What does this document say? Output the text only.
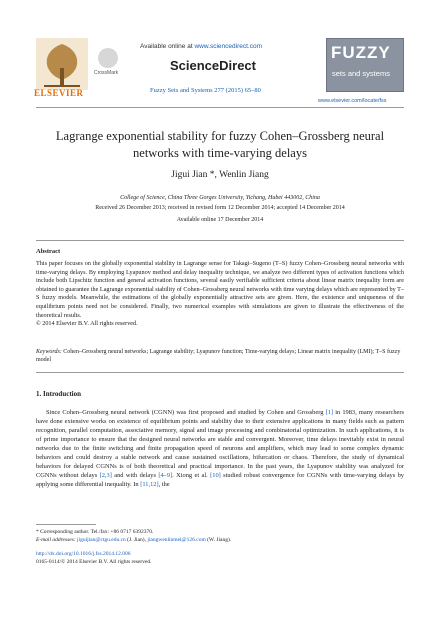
ELSEVIER
CrossMark
Available online at www.sciencedirect.com
ScienceDirect
Fuzzy Sets and Systems 277 (2015) 65–80
FUZZY
sets and systems
www.elsevier.com/locate/fss
Lagrange exponential stability for fuzzy Cohen–Grossberg neural networks with time-varying delays
Jigui Jian *, Wenlin Jiang
College of Science, China Three Gorges University, Yichang, Hubei 443002, China
Received 26 December 2013; received in revised form 12 December 2014; accepted 14 December 2014
Available online 17 December 2014
Abstract

This paper focuses on the globally exponential stability in Lagrange sense for Takagi–Sugeno (T–S) fuzzy Cohen–Grossberg neural networks with time-varying delays. By employing Lyapunov method and delay inequality technique, we analyze two different types of activation functions which include both Lipschitz function and general activation functions, several easily verifiable sufficient criteria about linear matrix inequality form are obtained to guarantee the Lagrange exponential stability of Cohen–Grossberg neural networks with time varying delays which are represented by T–S fuzzy models. Meanwhile, the estimations of the globally exponentially attractive sets are given. Here, the existence and uniqueness of the equilibrium points need not be considered. Finally, two numerical examples with simulations are given to illustrate the effectiveness of the theoretical results.

© 2014 Elsevier B.V. All rights reserved.

Keywords: Cohen–Grossberg neural networks; Lagrange stability; Lyapunov function; Time-varying delays; Linear matrix inequality (LMI); T–S fuzzy model
1. Introduction
Since Cohen–Grossberg neural network (CGNN) was first proposed and studied by Cohen and Grossberg [1] in 1983, many researchers have done extensive works on existence of equilibrium points and stability due to their extensive applications in many fields such as pattern recognition, parallel computation, associative memory, signal and image processing and combinatorial optimization. In such applications, it is of prime importance to ensure that the designed neural networks are stable and convergent. Moreover, time delays inevitably exist in neural networks due to the finite switching and finite propagation speed of neurons and amplifiers, which may lead to some complex dynamic behaviors and could destroy a stable network and cause sustained oscillations, bifurcation or chaos. Therefore, the study of dynamical behaviors for delayed CGNNs is of both theoretical and practical importance. In the past years, the Lyapunov stability was analyzed for CGNNs without delays [2,3] and with delays [4–9]. Xiong et al. [10] studied robust convergence for CGNNs with time-varying delays by applying some differential inequality. In [11,12], the
* Corresponding author. Tel./fax: +86 0717 6392370.
E-mail addresses: jiguijian@ctgu.edu.cn (J. Jian), jiangwenlinmei@126.com (W. Jiang).
http://dx.doi.org/10.1016/j.fss.2014.12.006
0165-0114/© 2014 Elsevier B.V. All rights reserved.
